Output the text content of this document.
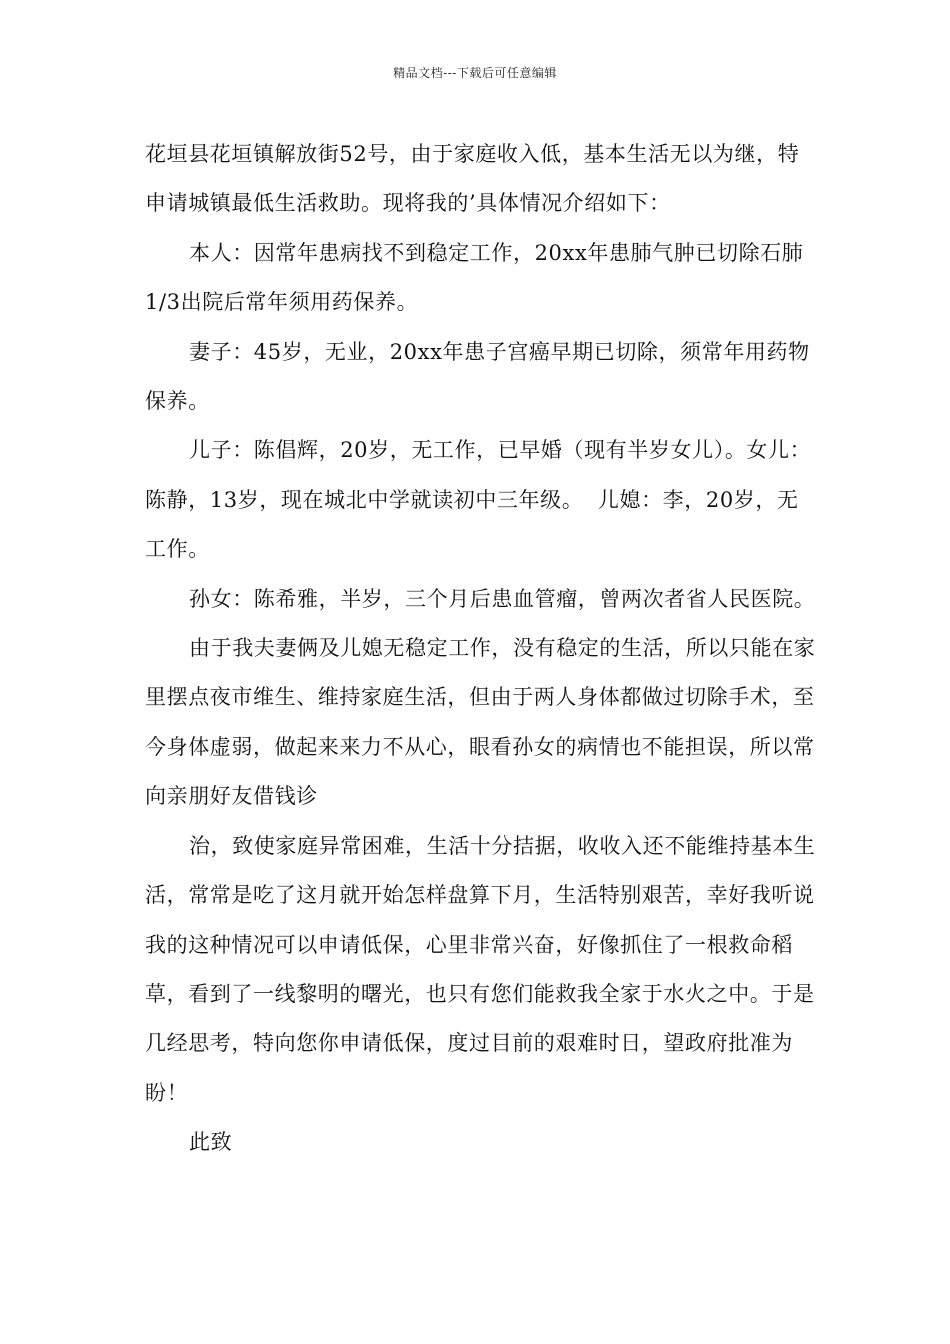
精品文档---下载后可任意编辑

花垣县花垣镇解放街52号，由于家庭收入低，基本生活无以为继，特申请城镇最低生活救助。现将我的’具体情况介绍如下：

本人：因常年患病找不到稳定工作，20xx年患肺气肿已切除石肺1/3出院后常年须用药保养。

妻子：45岁，无业，20xx年患子宫癌早期已切除，须常年用药物保养。

儿子：陈倡辉，20岁，无工作，已早婚（现有半岁女儿）。女儿：陈静，13岁，现在城北中学就读初中三年级。  儿媳：李，20岁，无工作。

孙女：陈希雅，半岁，三个月后患血管瘤，曾两次者省人民医院。

由于我夫妻俩及儿媳无稳定工作，没有稳定的生活，所以只能在家里摆点夜市维生、维持家庭生活，但由于两人身体都做过切除手术，至今身体虚弱，做起来来力不从心，眼看孙女的病情也不能担误，所以常向亲朋好友借钱诊

治，致使家庭异常困难，生活十分拮据，收收入还不能维持基本生活，常常是吃了这月就开始怎样盘算下月，生活特别艰苦，幸好我听说我的这种情况可以申请低保，心里非常兴奋，好像抓住了一根救命稻草，看到了一线黎明的曙光，也只有您们能救我全家于水火之中。于是几经思考，特向您你申请低保，度过目前的艰难时日，望政府批准为盼！

此致
